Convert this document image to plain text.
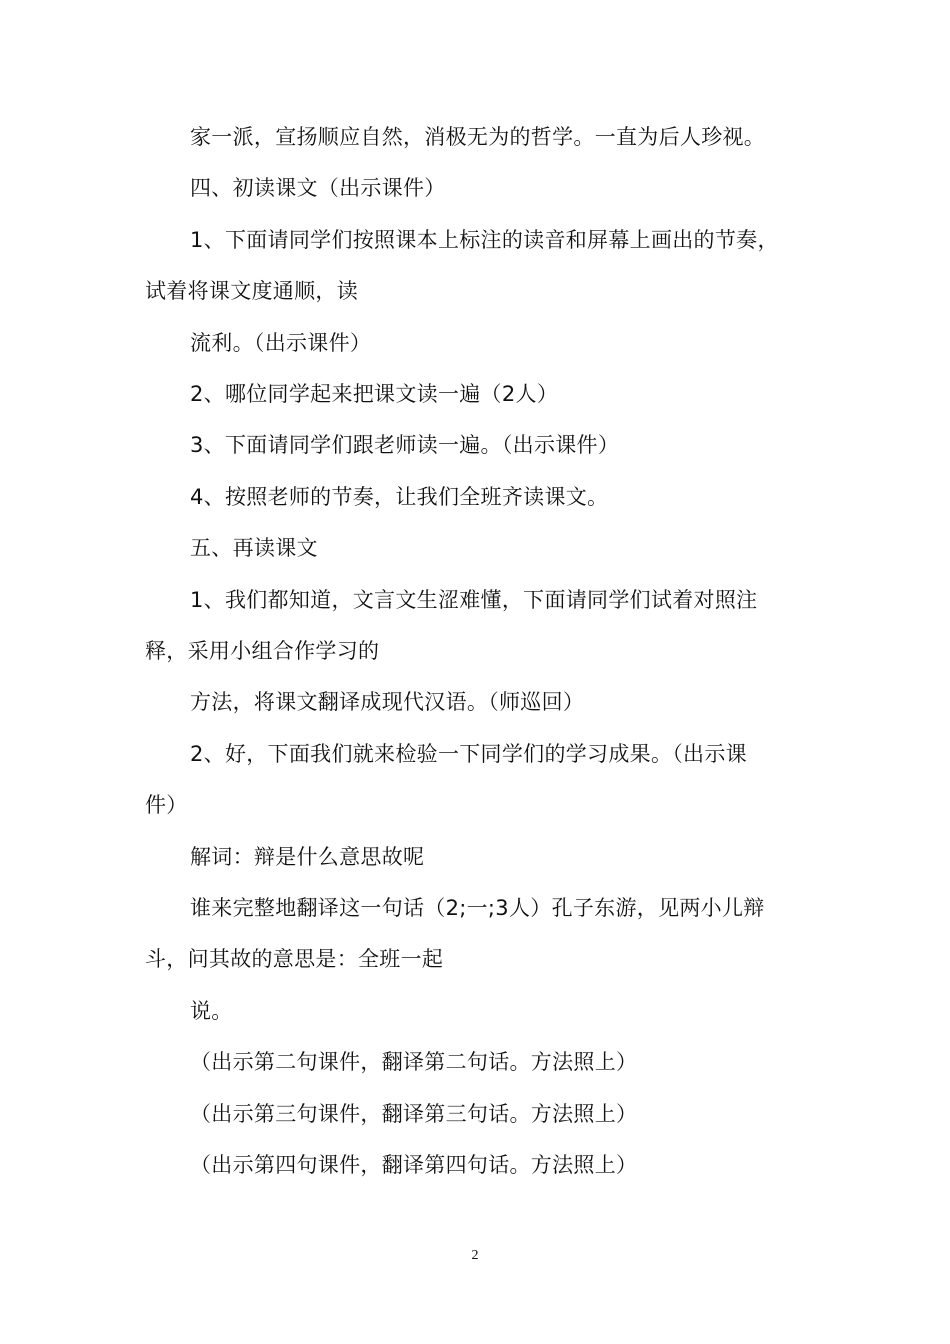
家一派，宣扬顺应自然，消极无为的哲学。一直为后人珍视。
四、初读课文（出示课件）
1、下面请同学们按照课本上标注的读音和屏幕上画出的节奏，
试着将课文度通顺，读
流利。（出示课件）
2、哪位同学起来把课文读一遍（2人）
3、下面请同学们跟老师读一遍。（出示课件）
4、按照老师的节奏，让我们全班齐读课文。
五、再读课文
1、我们都知道，文言文生涩难懂，下面请同学们试着对照注
释，采用小组合作学习的
方法，将课文翻译成现代汉语。（师巡回）
2、好，下面我们就来检验一下同学们的学习成果。（出示课
件）
解词：辩是什么意思故呢
谁来完整地翻译这一句话（2;一;3人）孔子东游，见两小儿辩
斗，问其故的意思是：全班一起
说。
（出示第二句课件，翻译第二句话。方法照上）
（出示第三句课件，翻译第三句话。方法照上）
（出示第四句课件，翻译第四句话。方法照上）
2
